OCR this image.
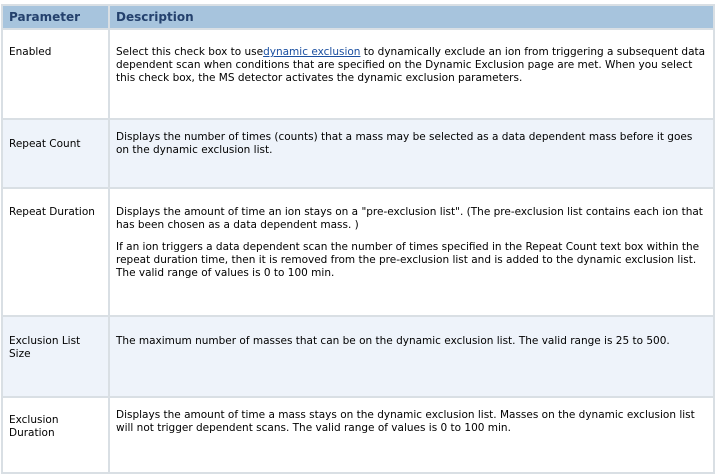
Parameter	Description
Enabled	Select this check box to usedynamic exclusion to dynamically exclude an ion from triggering a subsequent data dependent scan when conditions that are specified on the Dynamic Exclusion page are met. When you select this check box, the MS detector activates the dynamic exclusion parameters.

Repeat Count	Displays the number of times (counts) that a mass may be selected as a data dependent mass before it goes on the dynamic exclusion list.

Repeat Duration	Displays the amount of time an ion stays on a "pre-exclusion list". (The pre-exclusion list contains each ion that has been chosen as a data dependent mass. )

If an ion triggers a data dependent scan the number of times specified in the Repeat Count text box within the repeat duration time, then it is removed from the pre-exclusion list and is added to the dynamic exclusion list. The valid range of values is 0 to 100 min.

Exclusion List Size	The maximum number of masses that can be on the dynamic exclusion list. The valid range is 25 to 500.

Exclusion Duration	Displays the amount of time a mass stays on the dynamic exclusion list. Masses on the dynamic exclusion list will not trigger dependent scans. The valid range of values is 0 to 100 min.
